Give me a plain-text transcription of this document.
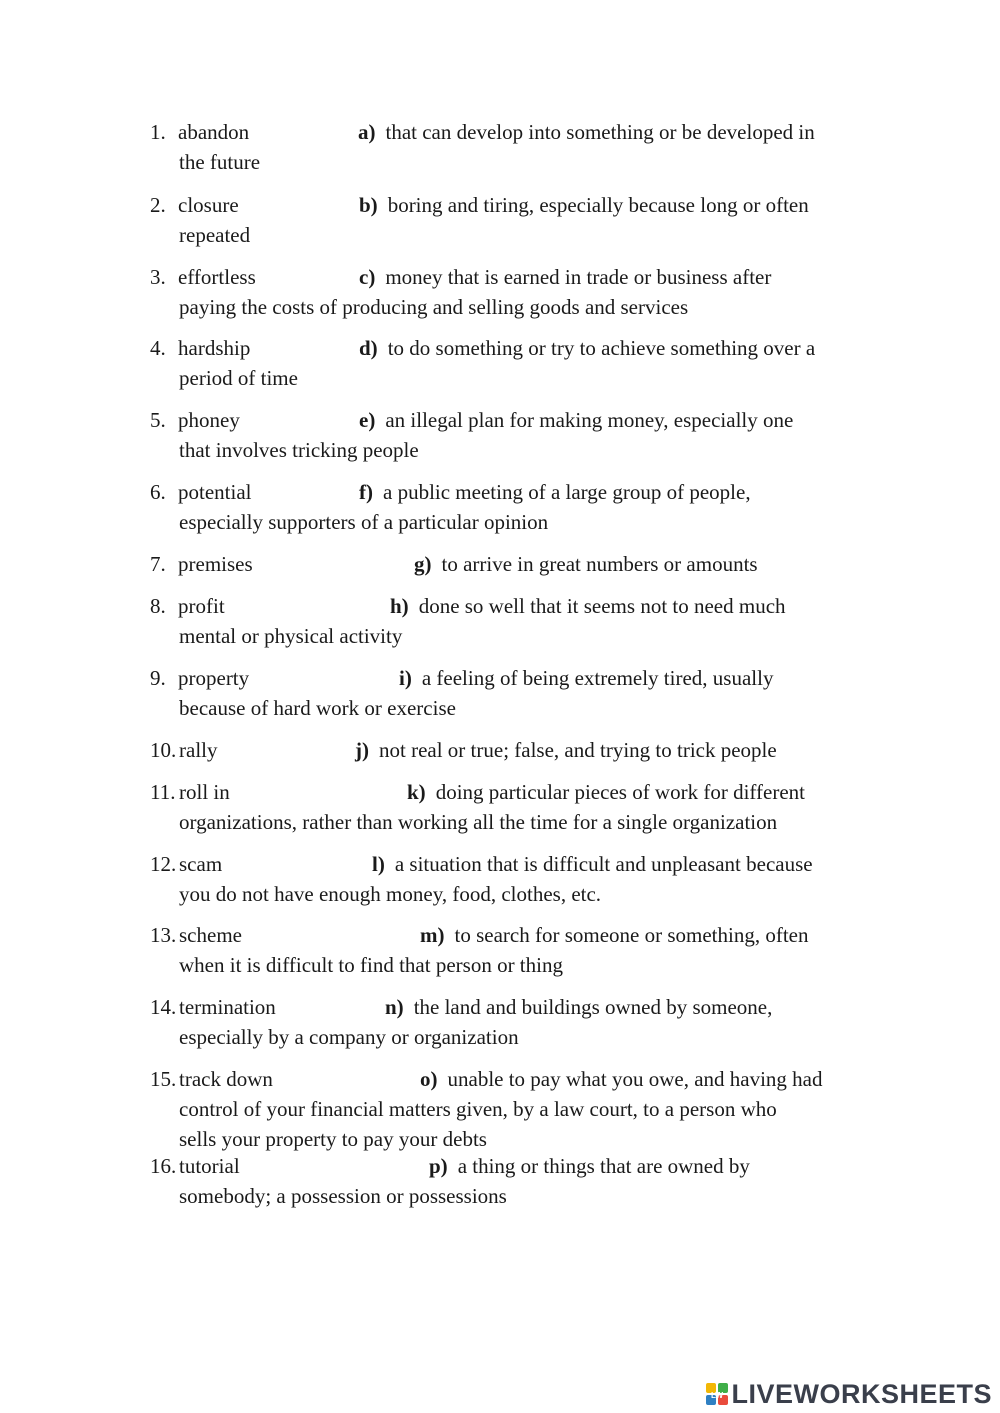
1. abandon	a) that can develop into something or be developed in
the future
2. closure	b) boring and tiring, especially because long or often
repeated
3. effortless	c) money that is earned in trade or business after
paying the costs of producing and selling goods and services
4. hardship	d) to do something or try to achieve something over a
period of time
5. phoney	e) an illegal plan for making money, especially one
that involves tricking people
6. potential	f) a public meeting of a large group of people,
especially supporters of a particular opinion
7. premises	g) to arrive in great numbers or amounts
8. profit	h) done so well that it seems not to need much
mental or physical activity
9. property	i) a feeling of being extremely tired, usually
because of hard work or exercise
10. rally	j) not real or true; false, and trying to trick people
11. roll in	k) doing particular pieces of work for different
organizations, rather than working all the time for a single organization
12. scam	l) a situation that is difficult and unpleasant because
you do not have enough money, food, clothes, etc.
13. scheme	m) to search for someone or something, often
when it is difficult to find that person or thing
14. termination	n) the land and buildings owned by someone,
especially by a company or organization
15. track down	o) unable to pay what you owe, and having had
control of your financial matters given, by a law court, to a person who
sells your property to pay your debts
16. tutorial	p) a thing or things that are owned by
somebody; a possession or possessions
LW LIVEWORKSHEETS
